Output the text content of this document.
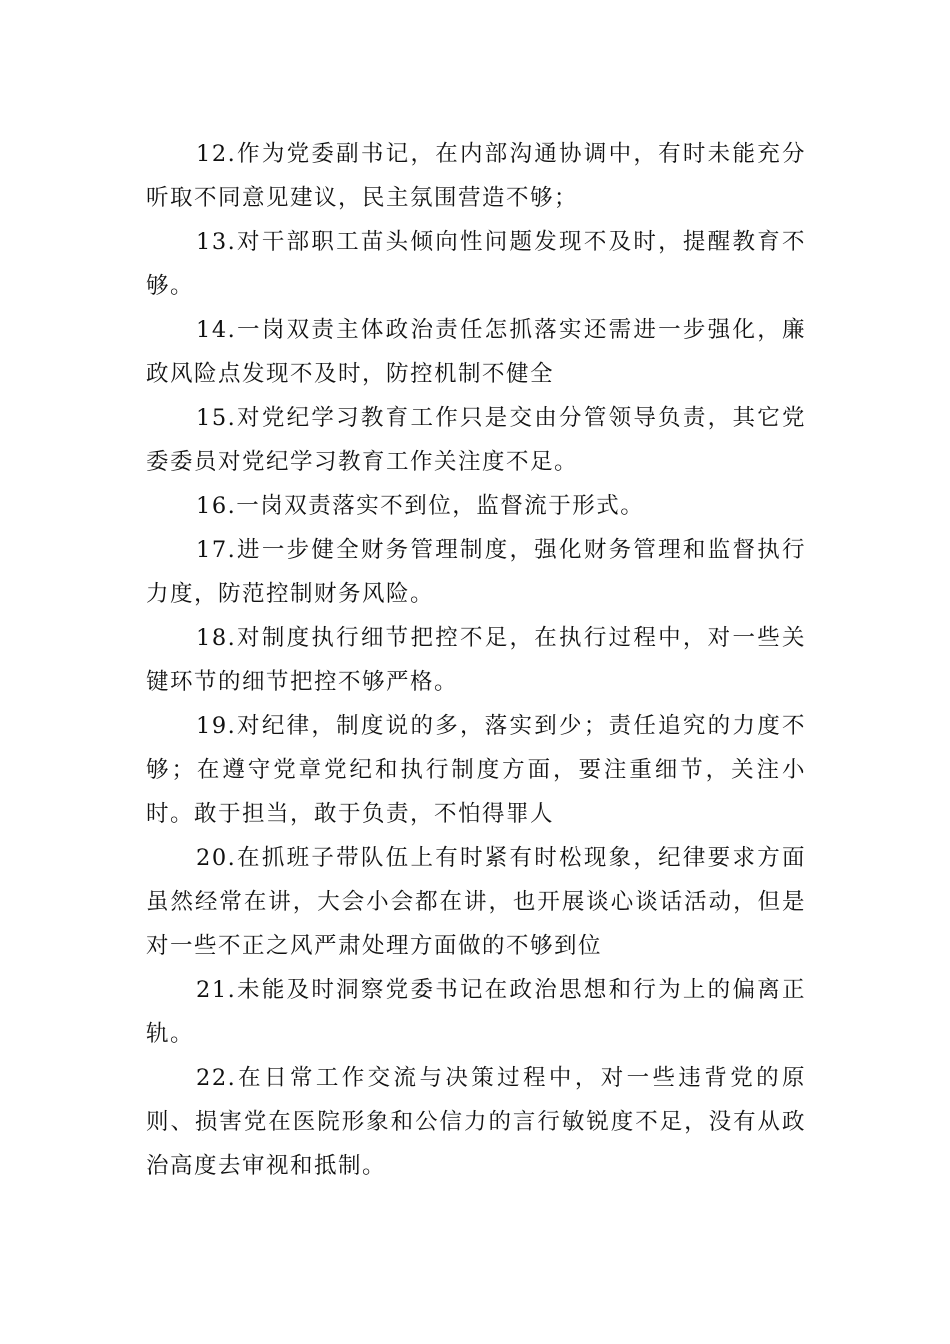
12.作为党委副书记，在内部沟通协调中，有时未能充分听取不同意见建议，民主氛围营造不够；

13.对干部职工苗头倾向性问题发现不及时，提醒教育不够。

14.一岗双责主体政治责任怎抓落实还需进一步强化，廉政风险点发现不及时，防控机制不健全

15.对党纪学习教育工作只是交由分管领导负责，其它党委委员对党纪学习教育工作关注度不足。

16.一岗双责落实不到位，监督流于形式。

17.进一步健全财务管理制度，强化财务管理和监督执行力度，防范控制财务风险。

18.对制度执行细节把控不足，在执行过程中，对一些关键环节的细节把控不够严格。

19.对纪律，制度说的多，落实到少；责任追究的力度不够；在遵守党章党纪和执行制度方面，要注重细节，关注小时。敢于担当，敢于负责，不怕得罪人

20.在抓班子带队伍上有时紧有时松现象，纪律要求方面虽然经常在讲，大会小会都在讲，也开展谈心谈话活动，但是对一些不正之风严肃处理方面做的不够到位

21.未能及时洞察党委书记在政治思想和行为上的偏离正轨。

22.在日常工作交流与决策过程中，对一些违背党的原则、损害党在医院形象和公信力的言行敏锐度不足，没有从政治高度去审视和抵制。
